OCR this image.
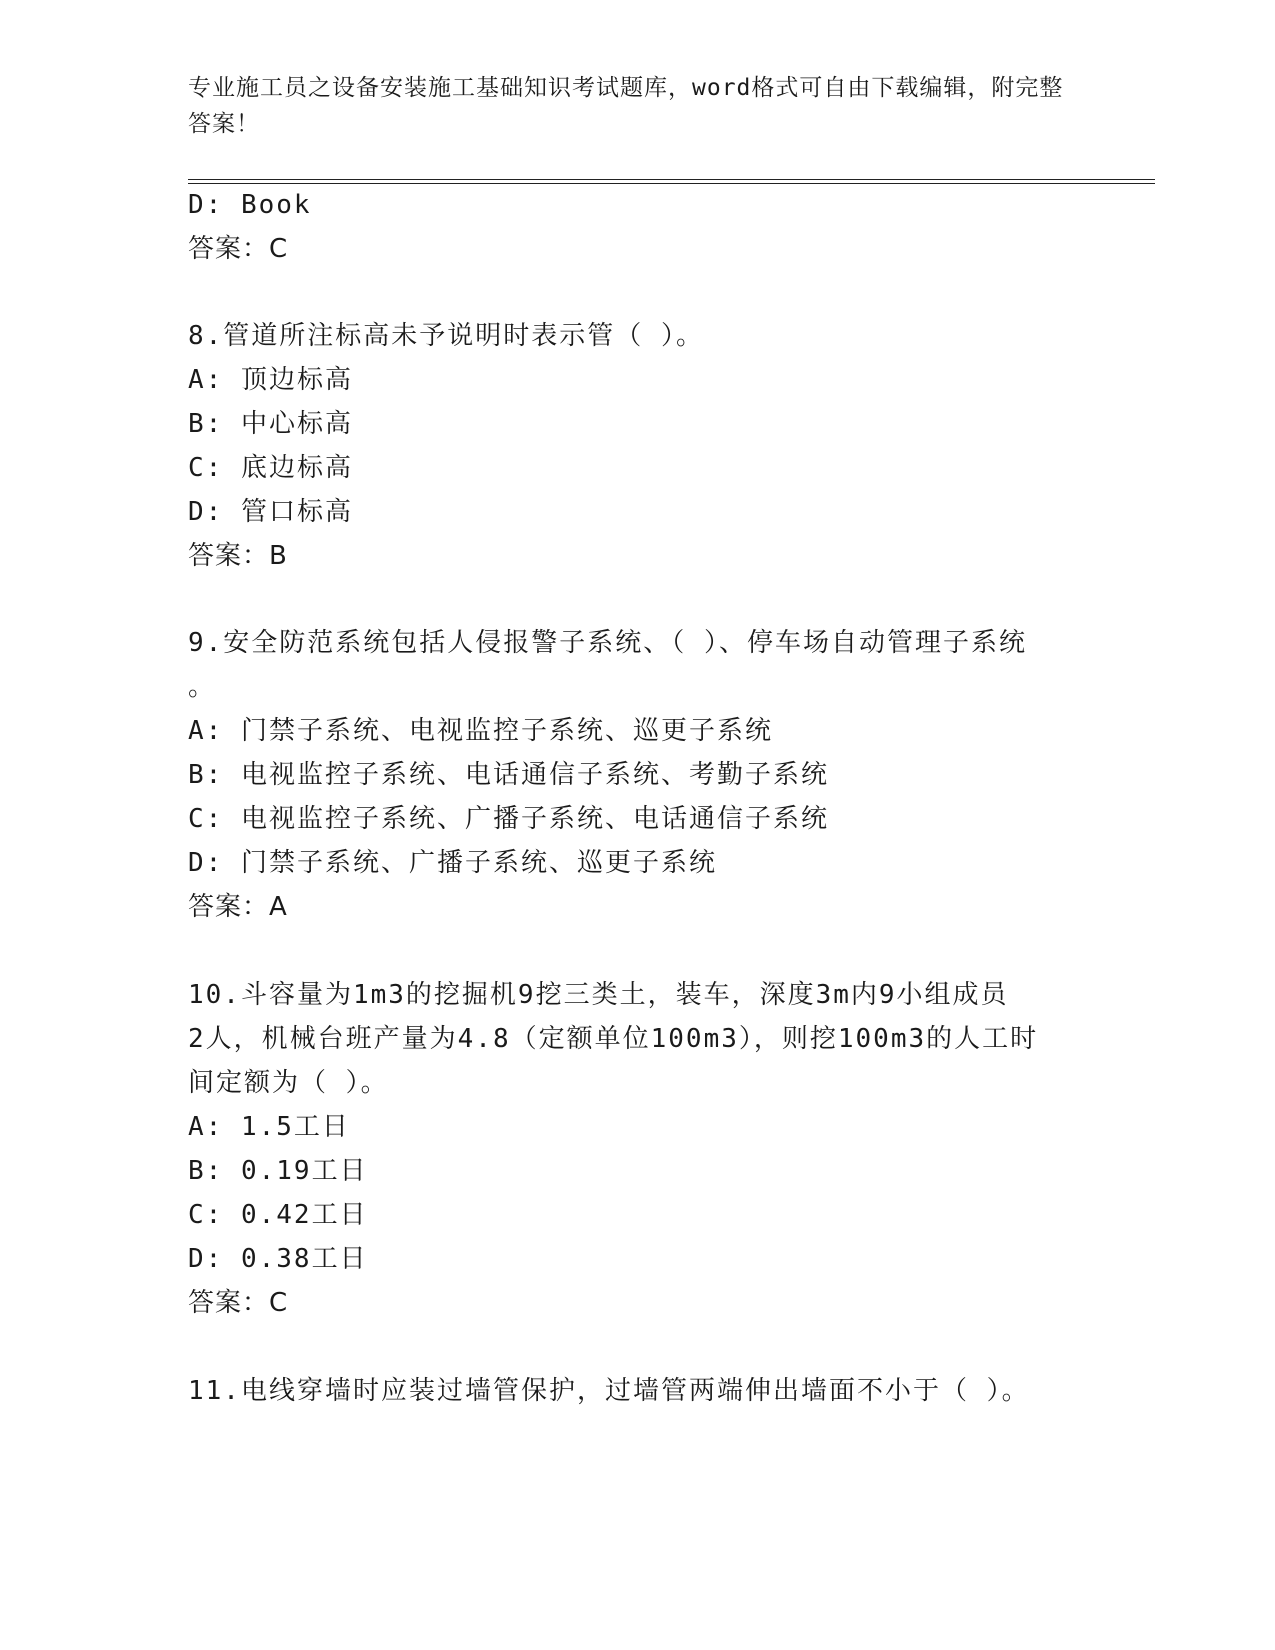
专业施工员之设备安装施工基础知识考试题库，word格式可自由下载编辑，附完整答案！
D: Book
答案：C
8.管道所注标高未予说明时表示管（ ）。
A: 顶边标高
B: 中心标高
C: 底边标高
D: 管口标高
答案：B
9.安全防范系统包括人侵报警子系统、（ ）、停车场自动管理子系统
。
A: 门禁子系统、电视监控子系统、巡更子系统
B: 电视监控子系统、电话通信子系统、考勤子系统
C: 电视监控子系统、广播子系统、电话通信子系统
D: 门禁子系统、广播子系统、巡更子系统
答案：A
10.斗容量为1m3的挖掘机9挖三类土，装车，深度3m内9小组成员
2人，机械台班产量为4.8（定额单位100m3），则挖100m3的人工时
间定额为（ ）。
A: 1.5工日
B: 0.19工日
C: 0.42工日
D: 0.38工日
答案：C
11.电线穿墙时应装过墙管保护，过墙管两端伸出墙面不小于（ ）。
